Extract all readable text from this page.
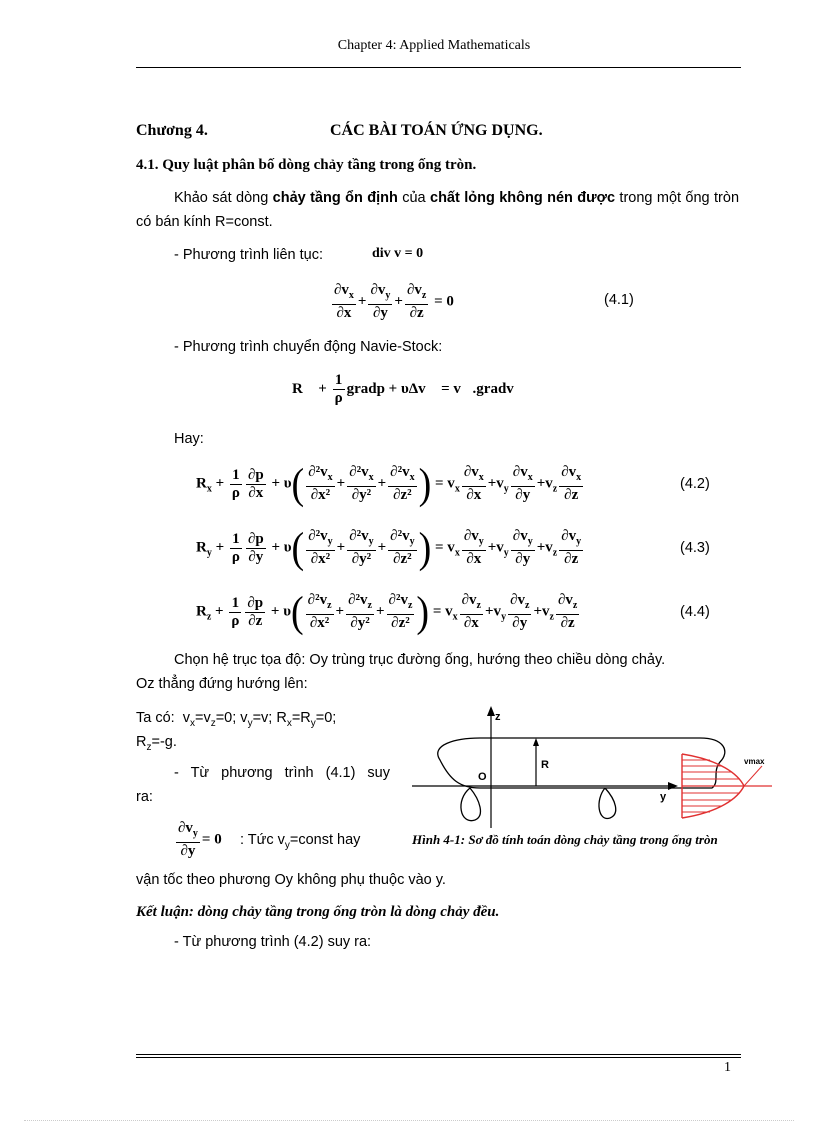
Chapter 4: Applied Mathematicals
Chương 4.	CÁC BÀI TOÁN ỨNG DỤNG.
4.1. Quy luật phân bố dòng chảy tầng trong ống tròn.
Khảo sát dòng chảy tầng ổn định của chất lỏng không nén được trong một ống tròn có bán kính R=const.
- Phương trình liên tục:	div v = 0
$\frac{\partial v_x}{\partial x} + \frac{\partial v_y}{\partial y} + \frac{\partial v_z}{\partial z} = 0$	(4.1)
- Phương trình chuyển động Navie-Stock:
R⃗ + $\frac{1}{\rho}$ gradp + υΔv⃗ = v⃗.gradv⃗
Hay:
$R_x + \frac{1}{\rho} \frac{\partial p}{\partial x} + \upsilon( \frac{\partial^2v_x}{\text{∂x²}} + \frac{\partial^2v_x}{\text{∂y²}} + \frac{\partial^2v_x}{\text{∂z²}}$ ) = $v_x \frac{\partial v_x}{\partial x} +v_y \frac{\partial v_x}{\partial y} +v_z \frac{\partial v_x}{\partial z}$	(4.2)
$R_y + \frac{1}{\rho} \frac{\partial p}{\partial y} + \upsilon( \frac{\partial^2v_y}{\text{∂x²}} + \frac{\partial^2v_y}{\text{∂y²}} + \frac{\partial^2v_y}{\text{∂z²}}$ ) = $v_x \frac{\partial v_y}{\partial x} +v_y \frac{\partial v_y}{\partial y} +v_z \frac{\partial v_y}{\partial z}$	(4.3)
$R_z + \frac{1}{\rho} \frac{\partial p}{\partial z} + \upsilon( \frac{\partial^2v_z}{\text{∂x²}} + \frac{\partial^2v_z}{\text{∂y²}} + \frac{\partial^2v_z}{\text{∂z²}}$ ) = $v_x \frac{\partial v_z}{\partial x} +v_y \frac{\partial v_z}{\partial y} +v_z \frac{\partial v_z}{\partial z}$	(4.4)
Chọn hệ trục tọa độ: Oy trùng trục đường ống, hướng theo chiều dòng chảy.
Oz thẳng đứng hướng lên:
Ta có: $v_x=v_z=0$; $v_y=v$; $R_x=R_y=0$;
$R_z=-g$.
- Từ phương trình (4.1) suy
ra:
$\frac{\partial v_y}{\partial y} = 0$ : Tức $v_y=const$ hay
z
O
R
y
vmax
Hình 4-1: Sơ đồ tính toán dòng chảy tầng trong ống tròn
vận tốc theo phương Oy không phụ thuộc vào y.
Kết luận: dòng chảy tầng trong ống tròn là dòng chảy đều.
- Từ phương trình (4.2) suy ra:
1
